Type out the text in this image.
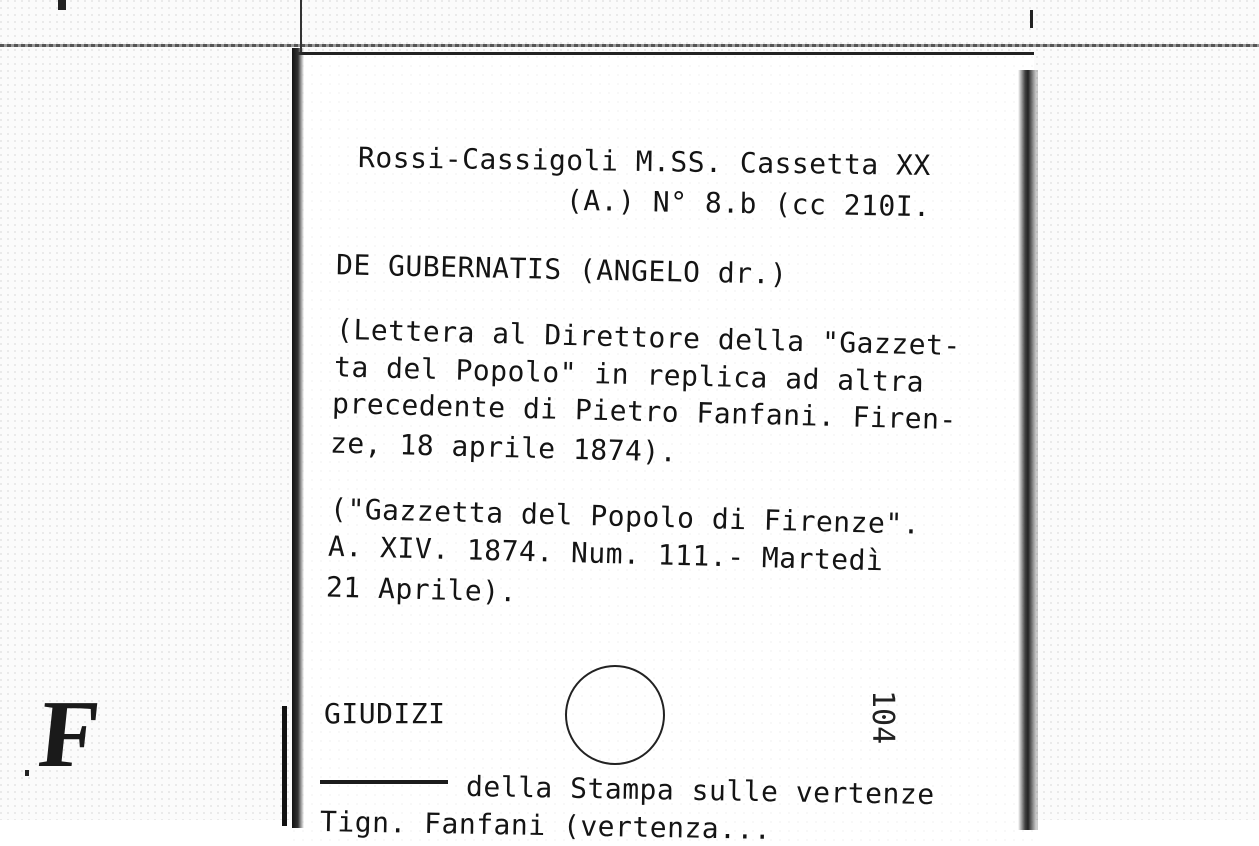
Rossi-Cassigoli M.SS. Cassetta XX
(A.) N° 8.b (cc 210I.
DE GUBERNATIS (ANGELO dr.)
(Lettera al Direttore della "Gazzet-
ta del Popolo" in replica ad altra
precedente di Pietro Fanfani. Firen-
ze, 18 aprile 1874).
("Gazzetta del Popolo di Firenze".
A. XIV. 1874. Num. 111.- Martedì
21 Aprile).
GIUDIZI	104
della Stampa sulle vertenze
Tign. Fanfani (vertenza...
F
